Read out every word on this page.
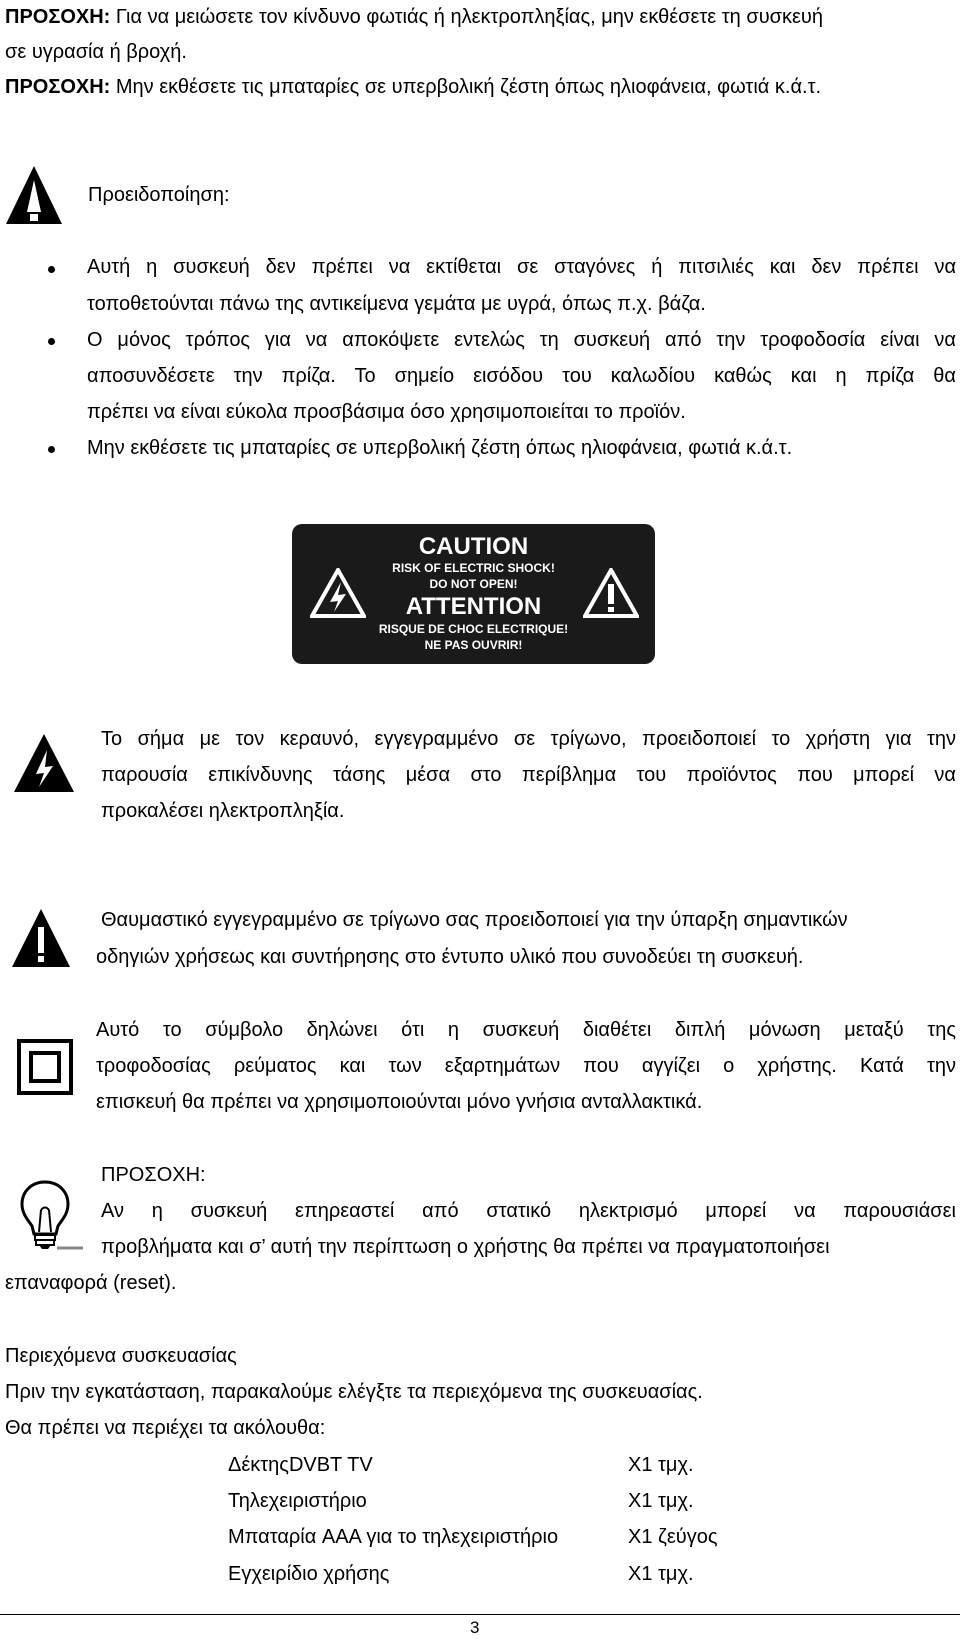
ΠΡΟΣΟΧΗ: Για να μειώσετε τον κίνδυνο φωτιάς ή ηλεκτροπληξίας, μην εκθέσετε τη συσκευή
σε υγρασία ή βροχή.
ΠΡΟΣΟΧΗ: Μην εκθέσετε τις μπαταρίες σε υπερβολική ζέστη όπως ηλιοφάνεια, φωτιά κ.ά.τ.
Προειδοποίηση:
Αυτή η συσκευή δεν πρέπει να εκτίθεται σε σταγόνες ή πιτσιλιές και δεν πρέπει να
τοποθετούνται πάνω της αντικείμενα γεμάτα με υγρά, όπως π.χ. βάζα.
Ο μόνος τρόπος για να αποκόψετε εντελώς τη συσκευή από την τροφοδοσία είναι να
αποσυνδέσετε την πρίζα. Το σημείο εισόδου του καλωδίου καθώς και η πρίζα θα
πρέπει να είναι εύκολα προσβάσιμα όσο χρησιμοποιείται το προϊόν.
Μην εκθέσετε τις μπαταρίες σε υπερβολική ζέστη όπως ηλιοφάνεια, φωτιά κ.ά.τ.
CAUTION
RISK OF ELECTRIC SHOCK!
DO NOT OPEN!
ATTENTION
RISQUE DE CHOC ELECTRIQUE!
NE PAS OUVRIR!
Το σήμα με τον κεραυνό, εγγεγραμμένο σε τρίγωνο, προειδοποιεί το χρήστη για την
παρουσία επικίνδυνης τάσης μέσα στο περίβλημα του προϊόντος που μπορεί να
προκαλέσει ηλεκτροπληξία.
Θαυμαστικό εγγεγραμμένο σε τρίγωνο σας προειδοποιεί για την ύπαρξη σημαντικών
οδηγιών χρήσεως και συντήρησης στο έντυπο υλικό που συνοδεύει τη συσκευή.
Αυτό το σύμβολο δηλώνει ότι η συσκευή διαθέτει διπλή μόνωση μεταξύ της
τροφοδοσίας ρεύματος και των εξαρτημάτων που αγγίζει ο χρήστης. Κατά την
επισκευή θα πρέπει να χρησιμοποιούνται μόνο γνήσια ανταλλακτικά.
ΠΡΟΣΟΧΗ:
Αν η συσκευή επηρεαστεί από στατικό ηλεκτρισμό μπορεί να παρουσιάσει
προβλήματα και σ’ αυτή την περίπτωση ο χρήστης θα πρέπει να πραγματοποιήσει
επαναφορά (reset).
Περιεχόμενα συσκευασίας
Πριν την εγκατάσταση, παρακαλούμε ελέγξτε τα περιεχόμενα της συσκευασίας.
Θα πρέπει να περιέχει τα ακόλουθα:
ΔέκτηςDVBT TV	X1 τμχ.
Τηλεχειριστήριο	X1 τμχ.
Μπαταρία AAA για το τηλεχειριστήριο	X1 ζεύγος
Εγχειρίδιο χρήσης	X1 τμχ.
3
